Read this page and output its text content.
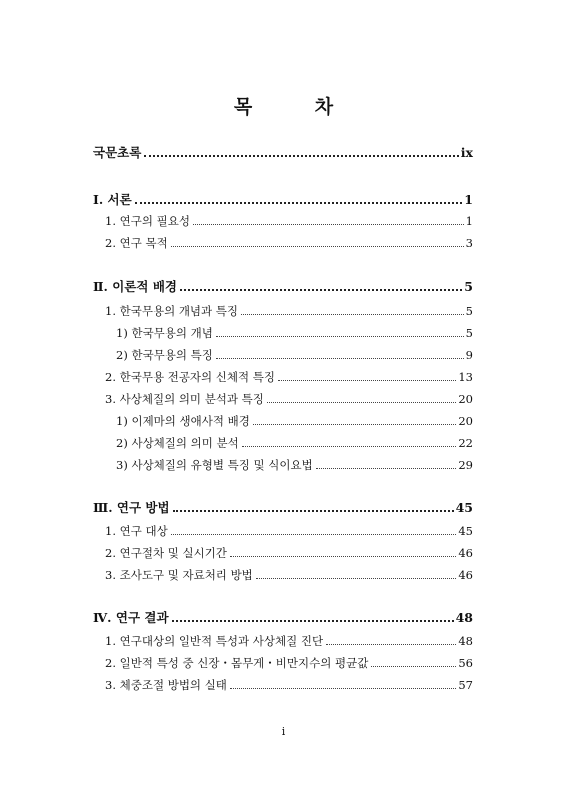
목 차
국문초록	ix
Ⅰ. 서론	1
1. 연구의 필요성	1
2. 연구 목적	3
Ⅱ. 이론적 배경	5
1. 한국무용의 개념과 특징	5
1) 한국무용의 개념	5
2) 한국무용의 특징	9
2. 한국무용 전공자의 신체적 특징	13
3. 사상체질의 의미 분석과 특징	20
1) 이제마의 생애사적 배경	20
2) 사상체질의 의미 분석	22
3) 사상체질의 유형별 특징 및 식이요법	29
Ⅲ. 연구 방법	45
1. 연구 대상	45
2. 연구절차 및 실시기간	46
3. 조사도구 및 자료처리 방법	46
Ⅳ. 연구 결과	48
1. 연구대상의 일반적 특성과 사상체질 진단	48
2. 일반적 특성 중 신장・몸무게・비만지수의 평균값	56
3. 체중조절 방법의 실태	57
i
